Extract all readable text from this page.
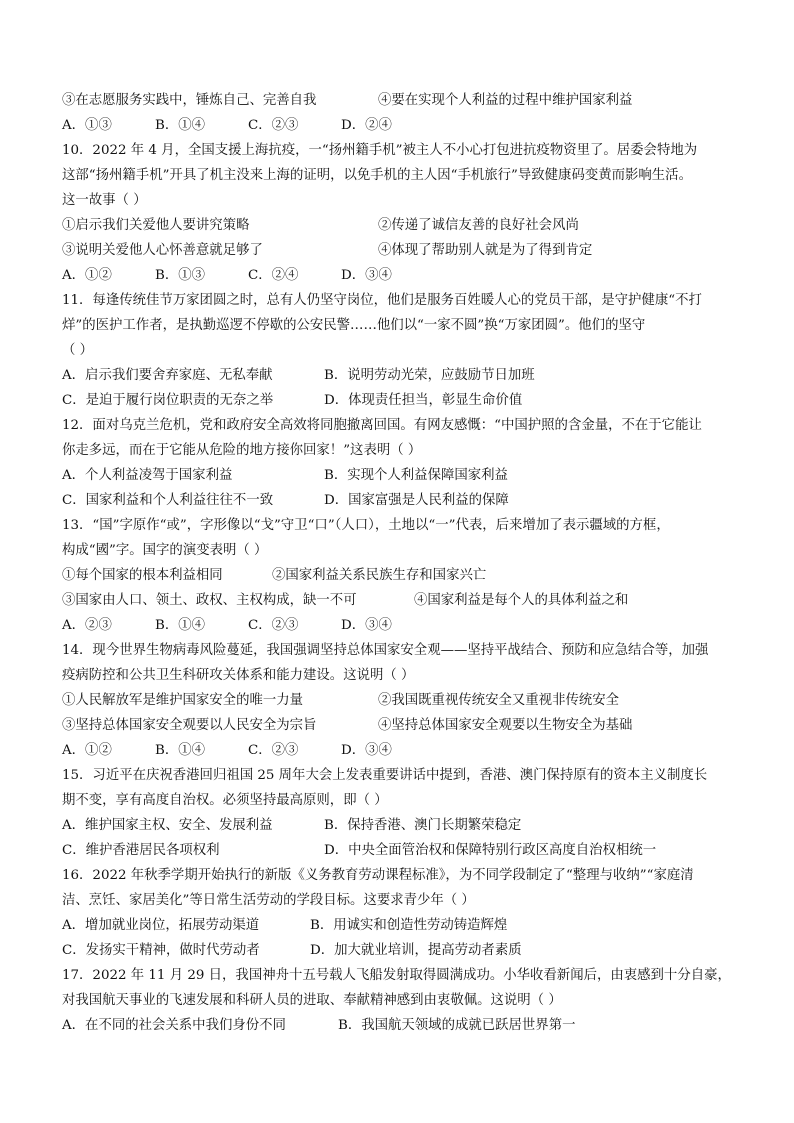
③在志愿服务实践中，锤炼自己、完善自我	④要在实现个人利益的过程中维护国家利益
A．①③	B．①④	C．②③	D．②④
10．2022 年 4 月，全国支援上海抗疫，一“扬州籍手机”被主人不小心打包进抗疫物资里了。居委会特地为
这部“扬州籍手机”开具了机主没来上海的证明，以免手机的主人因“手机旅行”导致健康码变黄而影响生活。
这一故事（ ）
①启示我们关爱他人要讲究策略	②传递了诚信友善的良好社会风尚
③说明关爱他人心怀善意就足够了	④体现了帮助别人就是为了得到肯定
A．①②	B．①③	C．②④	D．③④
11．每逢传统佳节万家团圆之时，总有人仍坚守岗位，他们是服务百姓暖人心的党员干部，是守护健康“不打
烊”的医护工作者，是执勤巡逻不停歇的公安民警……他们以“一家不圆”换“万家团圆”。他们的坚守
（ ）
A．启示我们要舍弃家庭、无私奉献	B．说明劳动光荣，应鼓励节日加班
C．是迫于履行岗位职责的无奈之举	D．体现责任担当，彰显生命价值
12．面对乌克兰危机，党和政府安全高效将同胞撤离回国。有网友感慨：“中国护照的含金量，不在于它能让
你走多远，而在于它能从危险的地方接你回家！”这表明（ ）
A．个人利益凌驾于国家利益	B．实现个人利益保障国家利益
C．国家利益和个人利益往往不一致	D．国家富强是人民利益的保障
13．“国”字原作“或”，字形像以“戈”守卫“口”（人口），土地以“一”代表，后来增加了表示疆域的方框，
构成“國”字。国字的演变表明（ ）
①每个国家的根本利益相同	②国家利益关系民族生存和国家兴亡
③国家由人口、领土、政权、主权构成，缺一不可	④国家利益是每个人的具体利益之和
A．②③	B．①④	C．②③	D．③④
14．现今世界生物病毒风险蔓延，我国强调坚持总体国家安全观——坚持平战结合、预防和应急结合等，加强
疫病防控和公共卫生科研攻关体系和能力建设。这说明（ ）
①人民解放军是维护国家安全的唯一力量	②我国既重视传统安全又重视非传统安全
③坚持总体国家安全观要以人民安全为宗旨	④坚持总体国家安全观要以生物安全为基础
A．①②	B．①④	C．②③	D．③④
15．习近平在庆祝香港回归祖国 25 周年大会上发表重要讲话中提到，香港、澳门保持原有的资本主义制度长
期不变，享有高度自治权。必须坚持最高原则，即（ ）
A．维护国家主权、安全、发展利益	B．保持香港、澳门长期繁荣稳定
C．维护香港居民各项权利	D．中央全面管治权和保障特别行政区高度自治权相统一
16．2022 年秋季学期开始执行的新版《义务教育劳动课程标准》，为不同学段制定了“整理与收纳”“家庭清
洁、烹饪、家居美化”等日常生活劳动的学段目标。这要求青少年（ ）
A．增加就业岗位，拓展劳动渠道	B．用诚实和创造性劳动铸造辉煌
C．发扬实干精神，做时代劳动者	D．加大就业培训，提高劳动者素质
17．2022 年 11 月 29 日，我国神舟十五号载人飞船发射取得圆满成功。小华收看新闻后，由衷感到十分自豪，
对我国航天事业的飞速发展和科研人员的进取、奉献精神感到由衷敬佩。这说明（ ）
A．在不同的社会关系中我们身份不同	B．我国航天领域的成就已跃居世界第一
